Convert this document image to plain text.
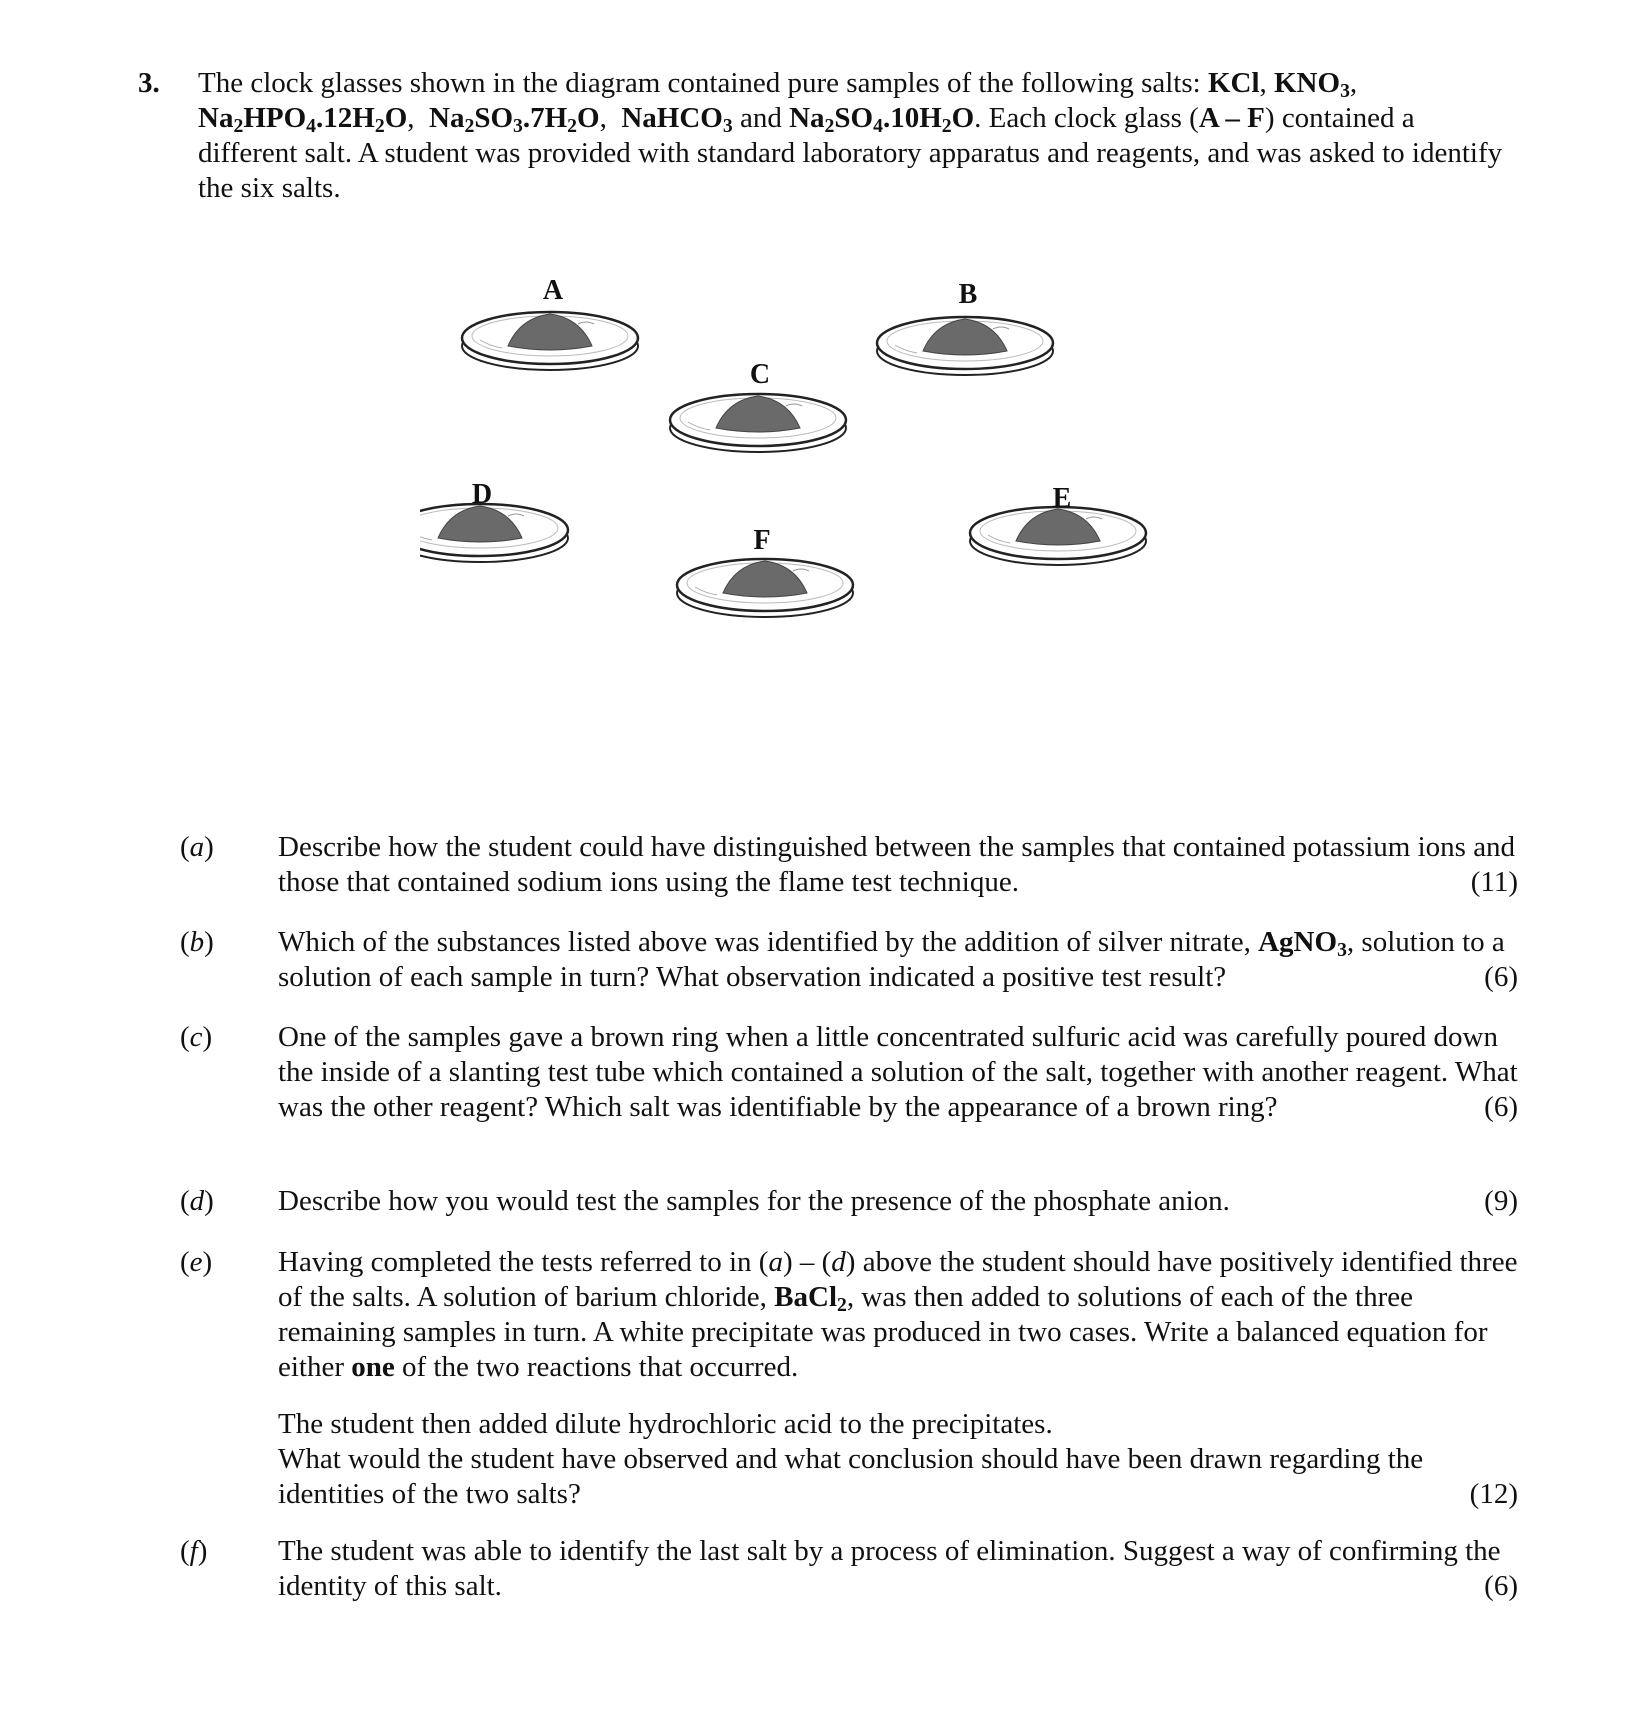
3. The clock glasses shown in the diagram contained pure samples of the following salts: KCl, $KNO_3$, $Na_2HPO_4.12H_2O$,  $Na_2SO_3.7H_2O$,  NaHCO$_3$ and $Na_2SO_4.10H_2O$. Each clock glass (A – F) contained a different salt. A student was provided with standard laboratory apparatus and reagents, and was asked to identify the six salts.
A	B
C
D	E
F
(a)	Describe how the student could have distinguished between the samples that contained potassium ions and those that contained sodium ions using the flame test technique.	(11)
(b)	Which of the substances listed above was identified by the addition of silver nitrate, AgNO$_3$, solution to a solution of each sample in turn? What observation indicated a positive test result?	(6)
(c)	One of the samples gave a brown ring when a little concentrated sulfuric acid was carefully poured down the inside of a slanting test tube which contained a solution of the salt, together with another reagent. What was the other reagent? Which salt was identifiable by the appearance of a brown ring?	(6)
(d)	Describe how you would test the samples for the presence of the phosphate anion.	(9)
(e)	Having completed the tests referred to in (a) – (d) above the student should have positively identified three of the salts. A solution of barium chloride, BaCl$_2$, was then added to solutions of each of the three remaining samples in turn. A white precipitate was produced in two cases. Write a balanced equation for either one of the two reactions that occurred.

The student then added dilute hydrochloric acid to the precipitates.
What would the student have observed and what conclusion should have been drawn regarding the identities of the two salts?	(12)

(f)	The student was able to identify the last salt by a process of elimination. Suggest a way of confirming the identity of this salt.	(6)
